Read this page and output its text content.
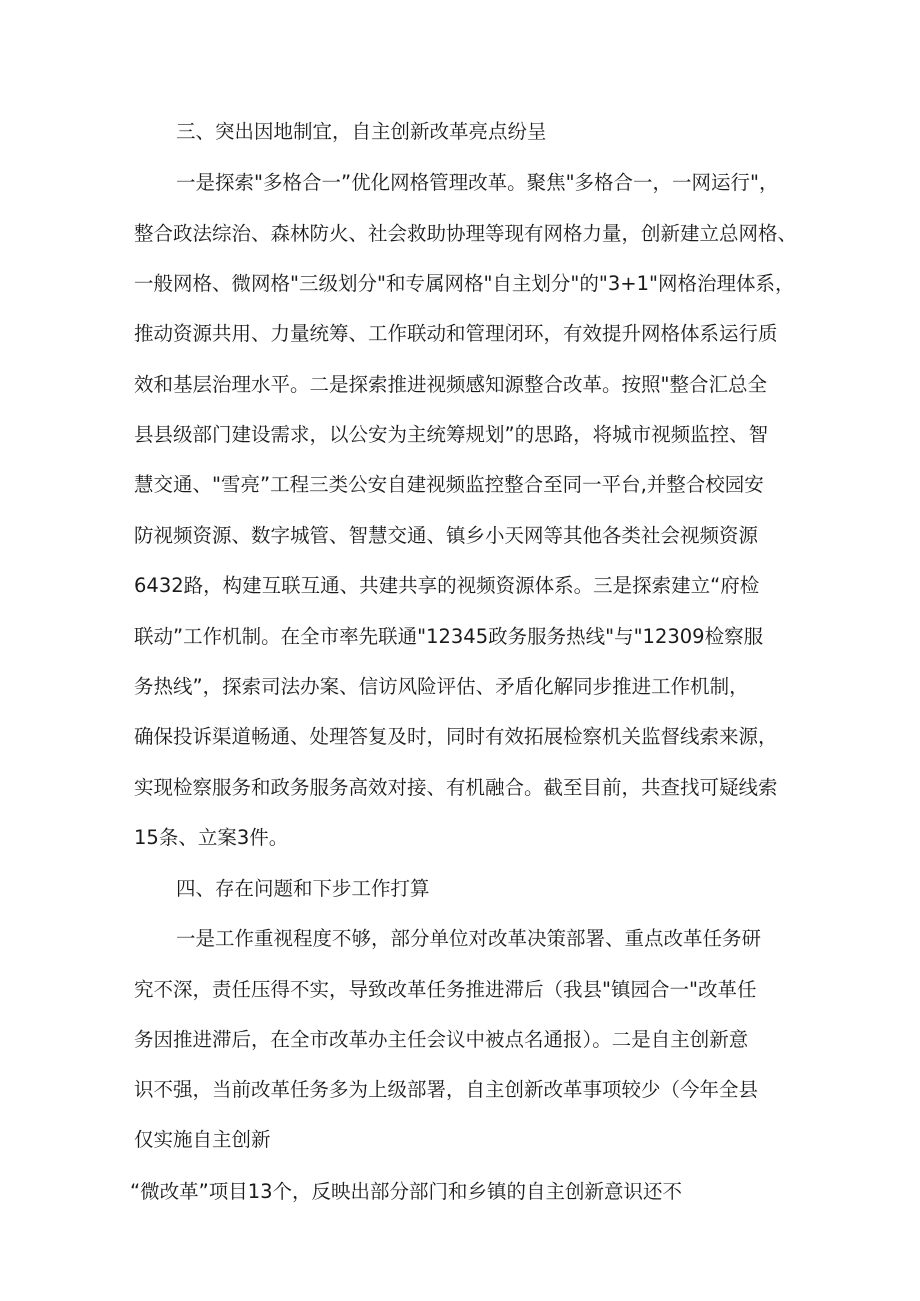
三、突出因地制宜，自主创新改革亮点纷呈
一是探索"多格合一”优化网格管理改革。聚焦"多格合一，一网运行"，
整合政法综治、森林防火、社会救助协理等现有网格力量，创新建立总网格、
一般网格、微网格"三级划分"和专属网格"自主划分"的"3+1"网格治理体系，
推动资源共用、力量统筹、工作联动和管理闭环，有效提升网格体系运行质
效和基层治理水平。二是探索推进视频感知源整合改革。按照"整合汇总全
县县级部门建设需求，以公安为主统筹规划”的思路，将城市视频监控、智
慧交通、"雪亮”工程三类公安自建视频监控整合至同一平台,并整合校园安
防视频资源、数字城管、智慧交通、镇乡小天网等其他各类社会视频资源
6432路，构建互联互通、共建共享的视频资源体系。三是探索建立“府检
联动”工作机制。在全市率先联通"12345政务服务热线"与"12309检察服
务热线”，探索司法办案、信访风险评估、矛盾化解同步推进工作机制，
确保投诉渠道畅通、处理答复及时，同时有效拓展检察机关监督线索来源，
实现检察服务和政务服务高效对接、有机融合。截至目前，共查找可疑线索
15条、立案3件。
四、存在问题和下步工作打算
一是工作重视程度不够，部分单位对改革决策部署、重点改革任务研
究不深，责任压得不实，导致改革任务推进滞后（我县"镇园合一"改革任
务因推进滞后，在全市改革办主任会议中被点名通报）。二是自主创新意
识不强，当前改革任务多为上级部署，自主创新改革事项较少（今年全县
仅实施自主创新
“微改革”项目13个，反映出部分部门和乡镇的自主创新意识还不
